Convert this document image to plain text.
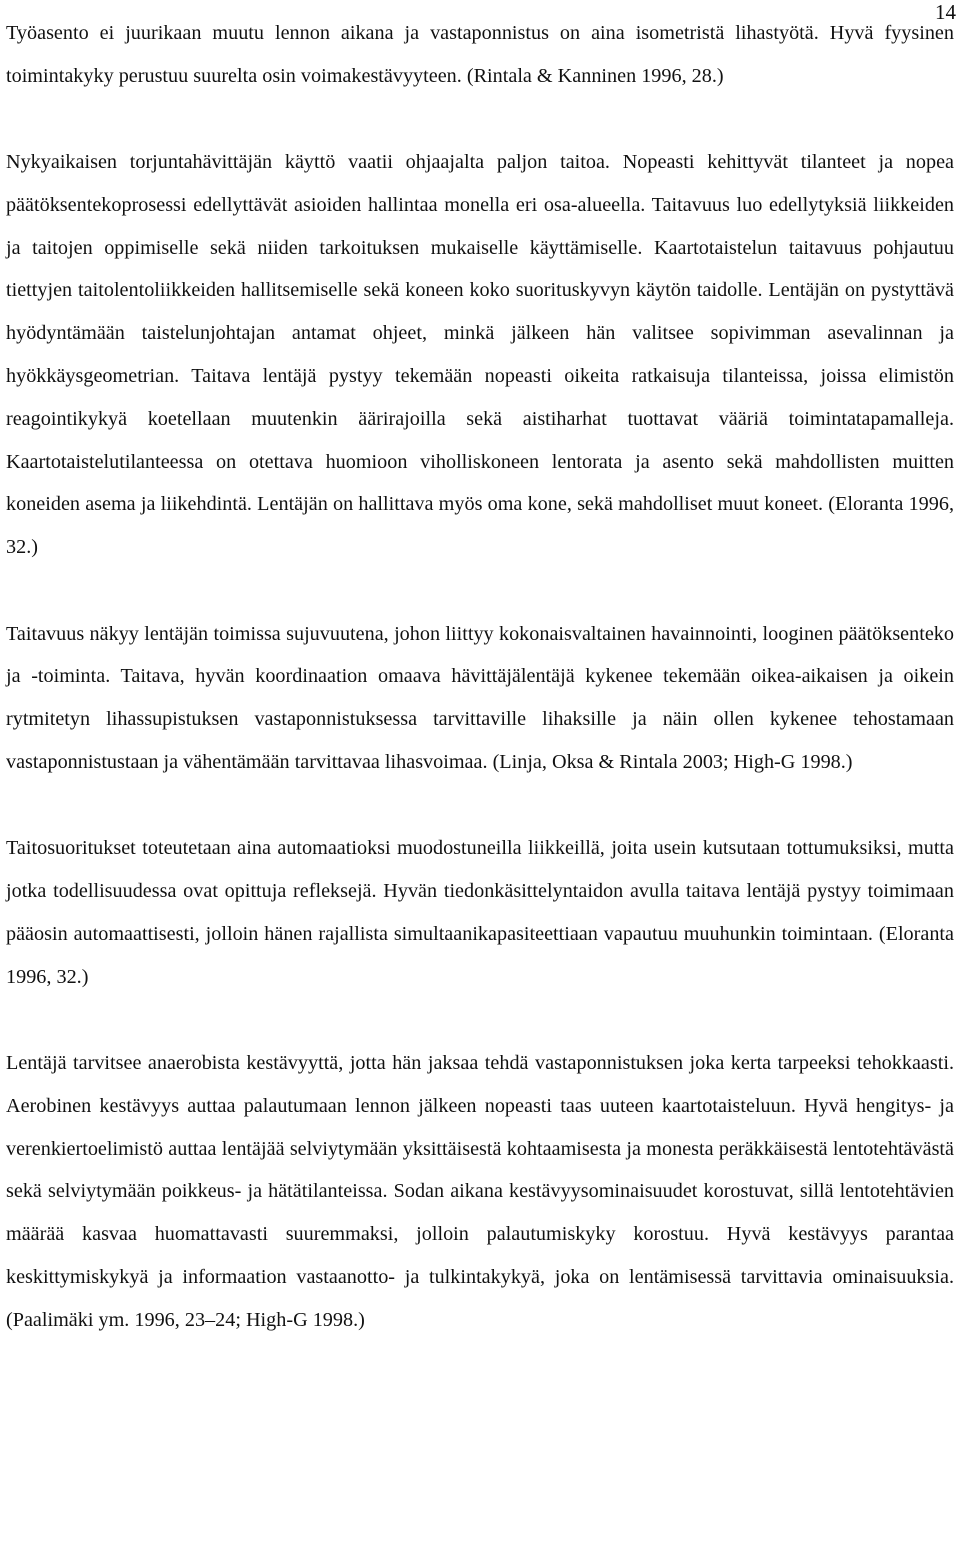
14

Työasento ei juurikaan muutu lennon aikana ja vastaponnistus on aina isometristä lihastyötä. Hyvä fyysinen toimintakyky perustuu suurelta osin voimakestävyyteen. (Rintala & Kanninen 1996, 28.)

Nykyaikaisen torjuntahävittäjän käyttö vaatii ohjaajalta paljon taitoa. Nopeasti kehittyvät tilanteet ja nopea päätöksentekoprosessi edellyttävät asioiden hallintaa monella eri osa-alueella. Taitavuus luo edellytyksiä liikkeiden ja taitojen oppimiselle sekä niiden tarkoituksen mukaiselle käyttämiselle. Kaartotaistelun taitavuus pohjautuu tiettyjen taitolentoliikkeiden hallitsemiselle sekä koneen koko suorituskyvyn käytön taidolle. Lentäjän on pystyttävä hyödyntämään taistelunjohtajan antamat ohjeet, minkä jälkeen hän valitsee sopivimman asevalinnan ja hyökkäysgeometrian. Taitava lentäjä pystyy tekemään nopeasti oikeita ratkaisuja tilanteissa, joissa elimistön reagointikykyä koetellaan muutenkin äärirajoilla sekä aistiharhat tuottavat vääriä toimintatapamalleja. Kaartotaistelutilanteessa on otettava huomioon viholliskoneen lentorata ja asento sekä mahdollisten muitten koneiden asema ja liikehdintä. Lentäjän on hallittava myös oma kone, sekä mahdolliset muut koneet. (Eloranta 1996, 32.)

Taitavuus näkyy lentäjän toimissa sujuvuutena, johon liittyy kokonaisvaltainen havainnointi, looginen päätöksenteko ja -toiminta. Taitava, hyvän koordinaation omaava hävittäjälentäjä kykenee tekemään oikea-aikaisen ja oikein rytmitetyn lihassupistuksen vastaponnistuksessa tarvittaville lihaksille ja näin ollen kykenee tehostamaan vastaponnistustaan ja vähentämään tarvittavaa lihasvoimaa. (Linja, Oksa & Rintala 2003; High-G 1998.)

Taitosuoritukset toteutetaan aina automaatioksi muodostuneilla liikkeillä, joita usein kutsutaan tottumuksiksi, mutta jotka todellisuudessa ovat opittuja refleksejä. Hyvän tiedonkäsittelyntaidon avulla taitava lentäjä pystyy toimimaan pääosin automaattisesti, jolloin hänen rajallista simultaanikapasiteettiaan vapautuu muuhunkin toimintaan. (Eloranta 1996, 32.)

Lentäjä tarvitsee anaerobista kestävyyttä, jotta hän jaksaa tehdä vastaponnistuksen joka kerta tarpeeksi tehokkaasti. Aerobinen kestävyys auttaa palautumaan lennon jälkeen nopeasti taas uuteen kaartotaisteluun. Hyvä hengitys- ja verenkiertoelimistö auttaa lentäjää selviytymään yksittäisestä kohtaamisesta ja monesta peräkkäisestä lentotehtävästä sekä selviytymään poikkeus- ja hätätilanteissa. Sodan aikana kestävyysominaisuudet korostuvat, sillä lentotehtävien määrää kasvaa huomattavasti suuremmaksi, jolloin palautumiskyky korostuu. Hyvä kestävyys parantaa keskittymiskykyä ja informaation vastaanotto- ja tulkintakykyä, joka on lentämisessä tarvittavia ominaisuuksia. (Paalimäki ym. 1996, 23–24; High-G 1998.)
